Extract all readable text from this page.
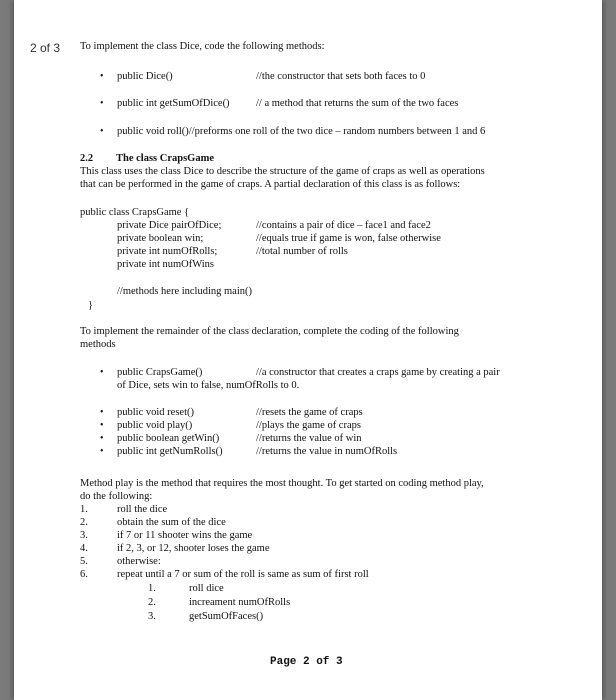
2 of 3 To implement the class Dice, code the following methods:
• public Dice()	//the constructor that sets both faces to 0
• public int getSumOfDice()	// a method that returns the sum of the two faces
• public void roll()//preforms one roll of the two dice – random numbers between 1 and 6
2.2 The class CrapsGame
This class uses the class Dice to describe the structure of the game of craps as well as operations
that can be performed in the game of craps. A partial declaration of this class is as follows:
public class CrapsGame {
private Dice pairOfDice;	//contains a pair of dice – face1 and face2
private boolean win;	//equals true if game is won, false otherwise
private int numOfRolls;	//total number of rolls
private int numOfWins
//methods here including main()
}
To implement the remainder of the class declaration, complete the coding of the following
methods
• public CrapsGame()	//a constructor that creates a craps game by creating a pair
of Dice, sets win to false, numOfRolls to 0.
• public void reset()	//resets the game of craps
• public void play()	//plays the game of craps
• public boolean getWin()	//returns the value of win
• public int getNumRolls()	//returns the value in numOfRolls
Method play is the method that requires the most thought. To get started on coding method play,
do the following:
1.	roll the dice
2.	obtain the sum of the dice
3.	if 7 or 11 shooter wins the game
4.	if 2, 3, or 12, shooter loses the game
5.	otherwise:
6.	repeat until a 7 or sum of the roll is same as sum of first roll
1.	roll dice
2.	increament numOfRolls
3.	getSumOfFaces()
Page 2 of 3
